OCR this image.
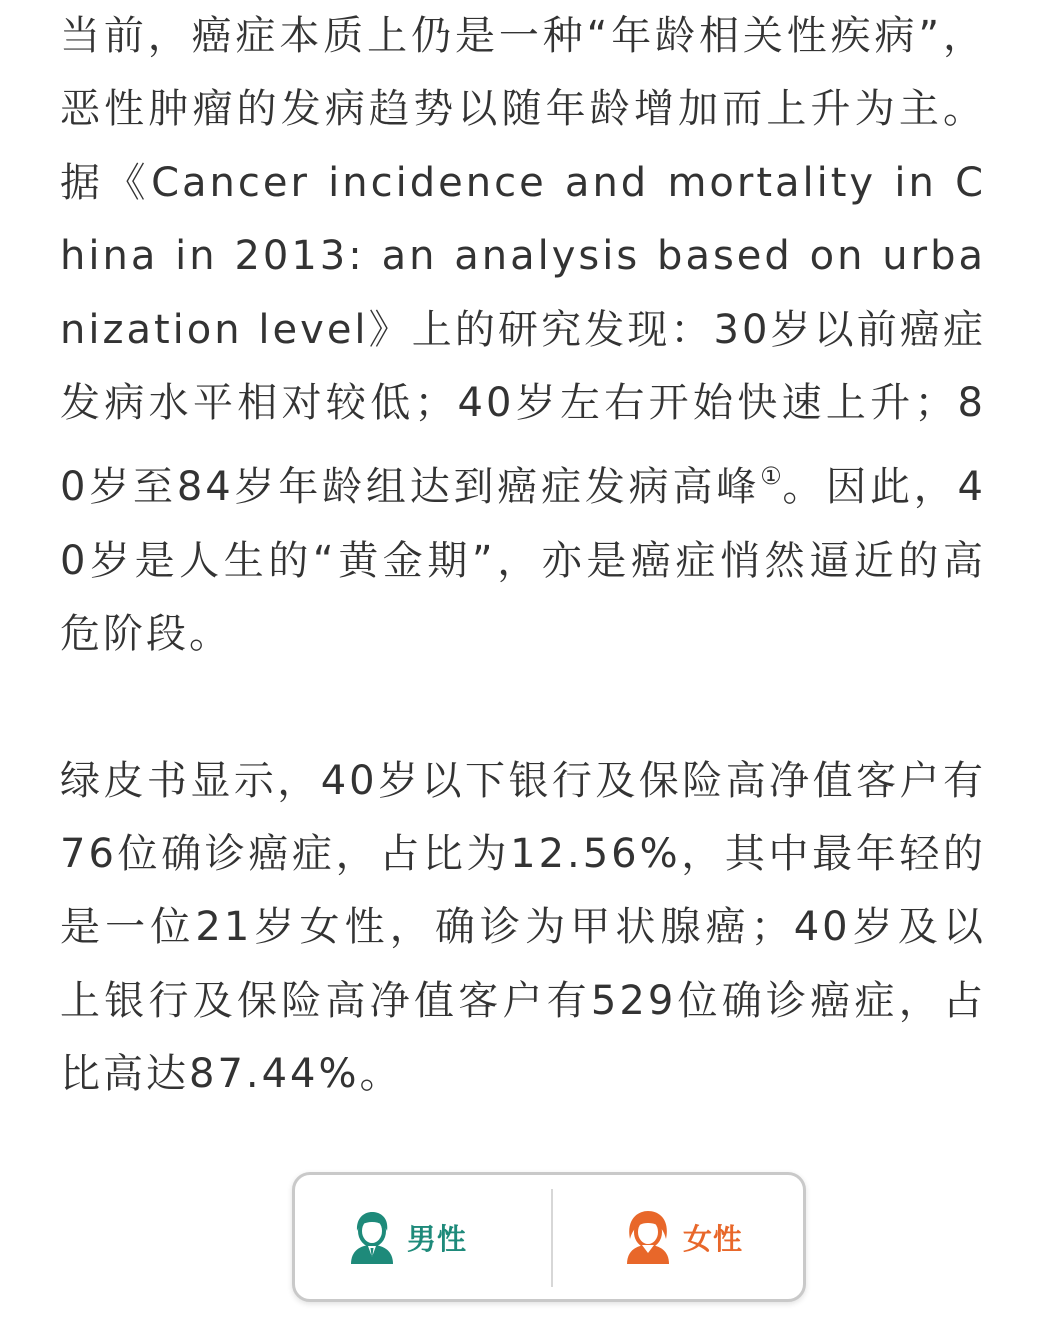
当前，癌症本质上仍是一种“年龄相关性疾病”，恶性肿瘤的发病趋势以随年龄增加而上升为主。据《Cancer incidence and mortality in China in 2013: an analysis based on urbanization level》上的研究发现：30岁以前癌症发病水平相对较低；40岁左右开始快速上升；80岁至84岁年龄组达到癌症发病高峰①。因此，40岁是人生的“黄金期”，亦是癌症悄然逼近的高危阶段。

绿皮书显示，40岁以下银行及保险高净值客户有76位确诊癌症，占比为12.56%，其中最年轻的是一位21岁女性，确诊为甲状腺癌；40岁及以上银行及保险高净值客户有529位确诊癌症，占比高达87.44%。

男性	女性
